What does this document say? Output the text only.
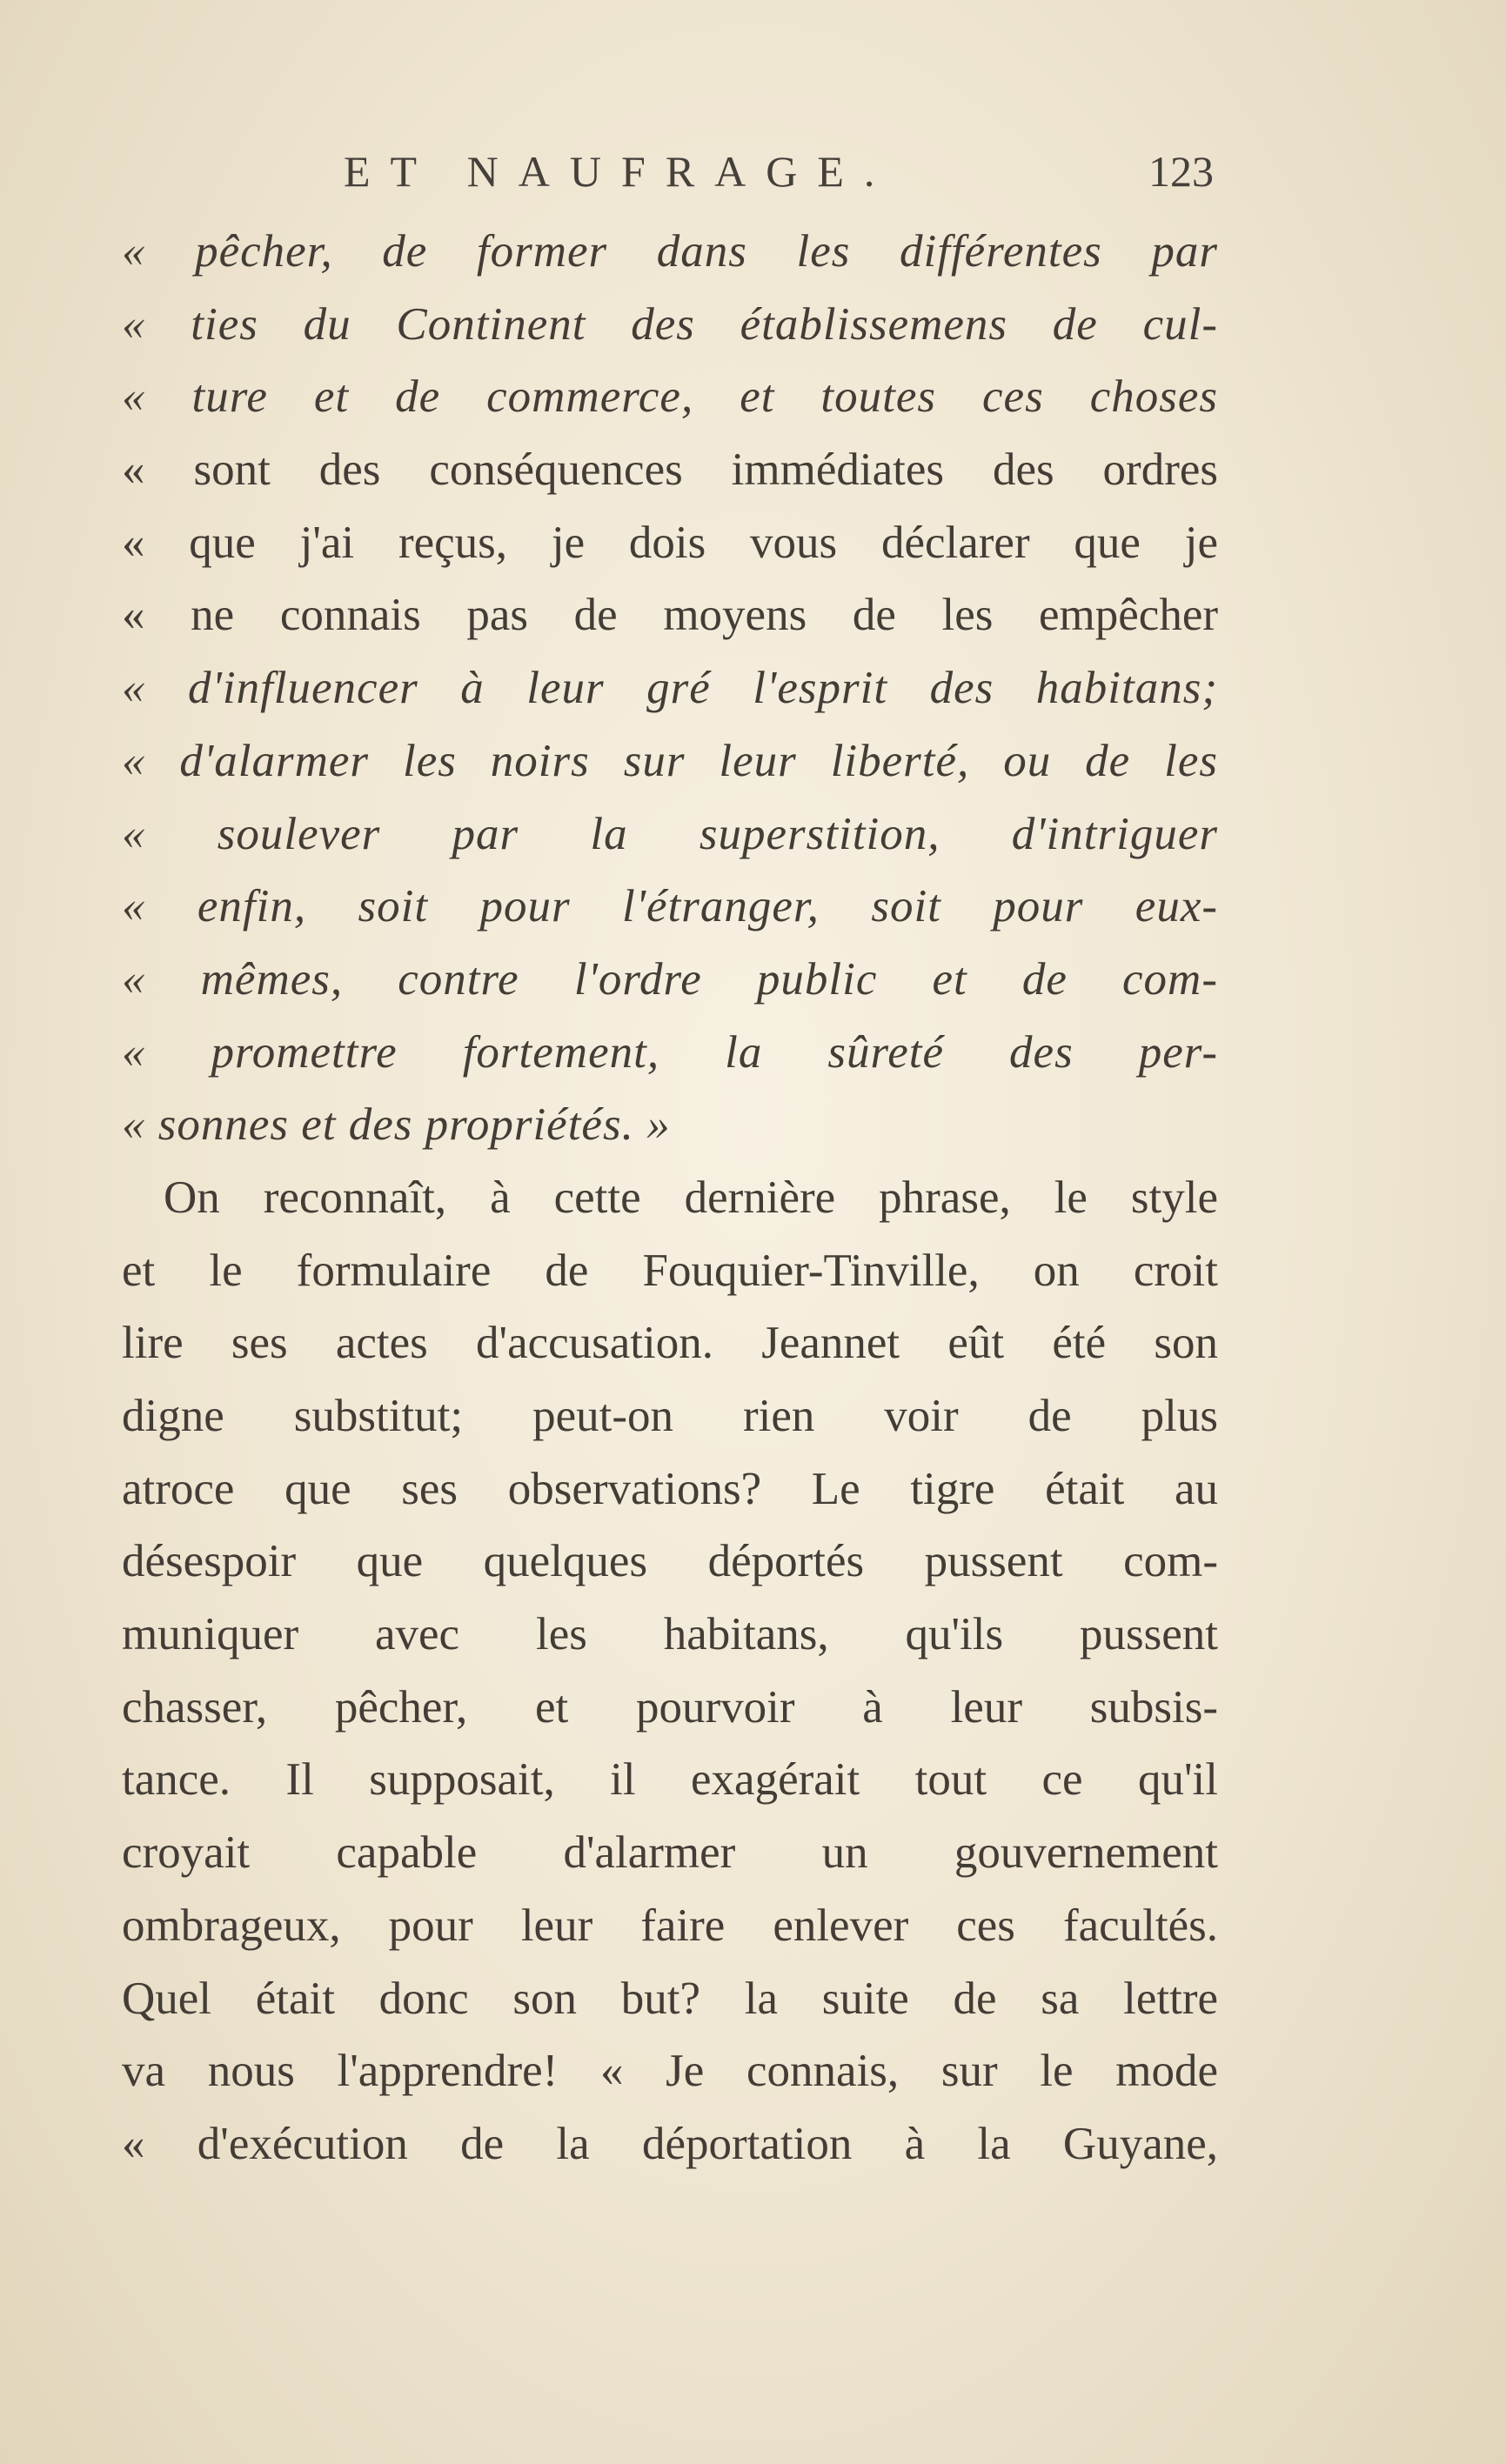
ET NAUFRAGE.	123
« pêcher, de former dans les différentes par
« ties du Continent des établissemens de cul-
« ture et de commerce, et toutes ces choses
« sont des conséquences immédiates des ordres
« que j'ai reçus, je dois vous déclarer que je
« ne connais pas de moyens de les empêcher
« d'influencer à leur gré l'esprit des habitans;
« d'alarmer les noirs sur leur liberté, ou de les
« soulever par la superstition, d'intriguer
« enfin, soit pour l'étranger, soit pour eux-
« mêmes, contre l'ordre public et de com-
« promettre fortement, la sûreté des per-
« sonnes et des propriétés. »
On reconnaît, à cette dernière phrase, le style
et le formulaire de Fouquier-Tinville, on croit
lire ses actes d'accusation. Jeannet eût été son
digne substitut; peut-on rien voir de plus
atroce que ses observations? Le tigre était au
désespoir que quelques déportés pussent com-
muniquer avec les habitans, qu'ils pussent
chasser, pêcher, et pourvoir à leur subsis-
tance. Il supposait, il exagérait tout ce qu'il
croyait capable d'alarmer un gouvernement
ombrageux, pour leur faire enlever ces facultés.
Quel était donc son but? la suite de sa lettre
va nous l'apprendre! « Je connais, sur le mode
« d'exécution de la déportation à la Guyane,
